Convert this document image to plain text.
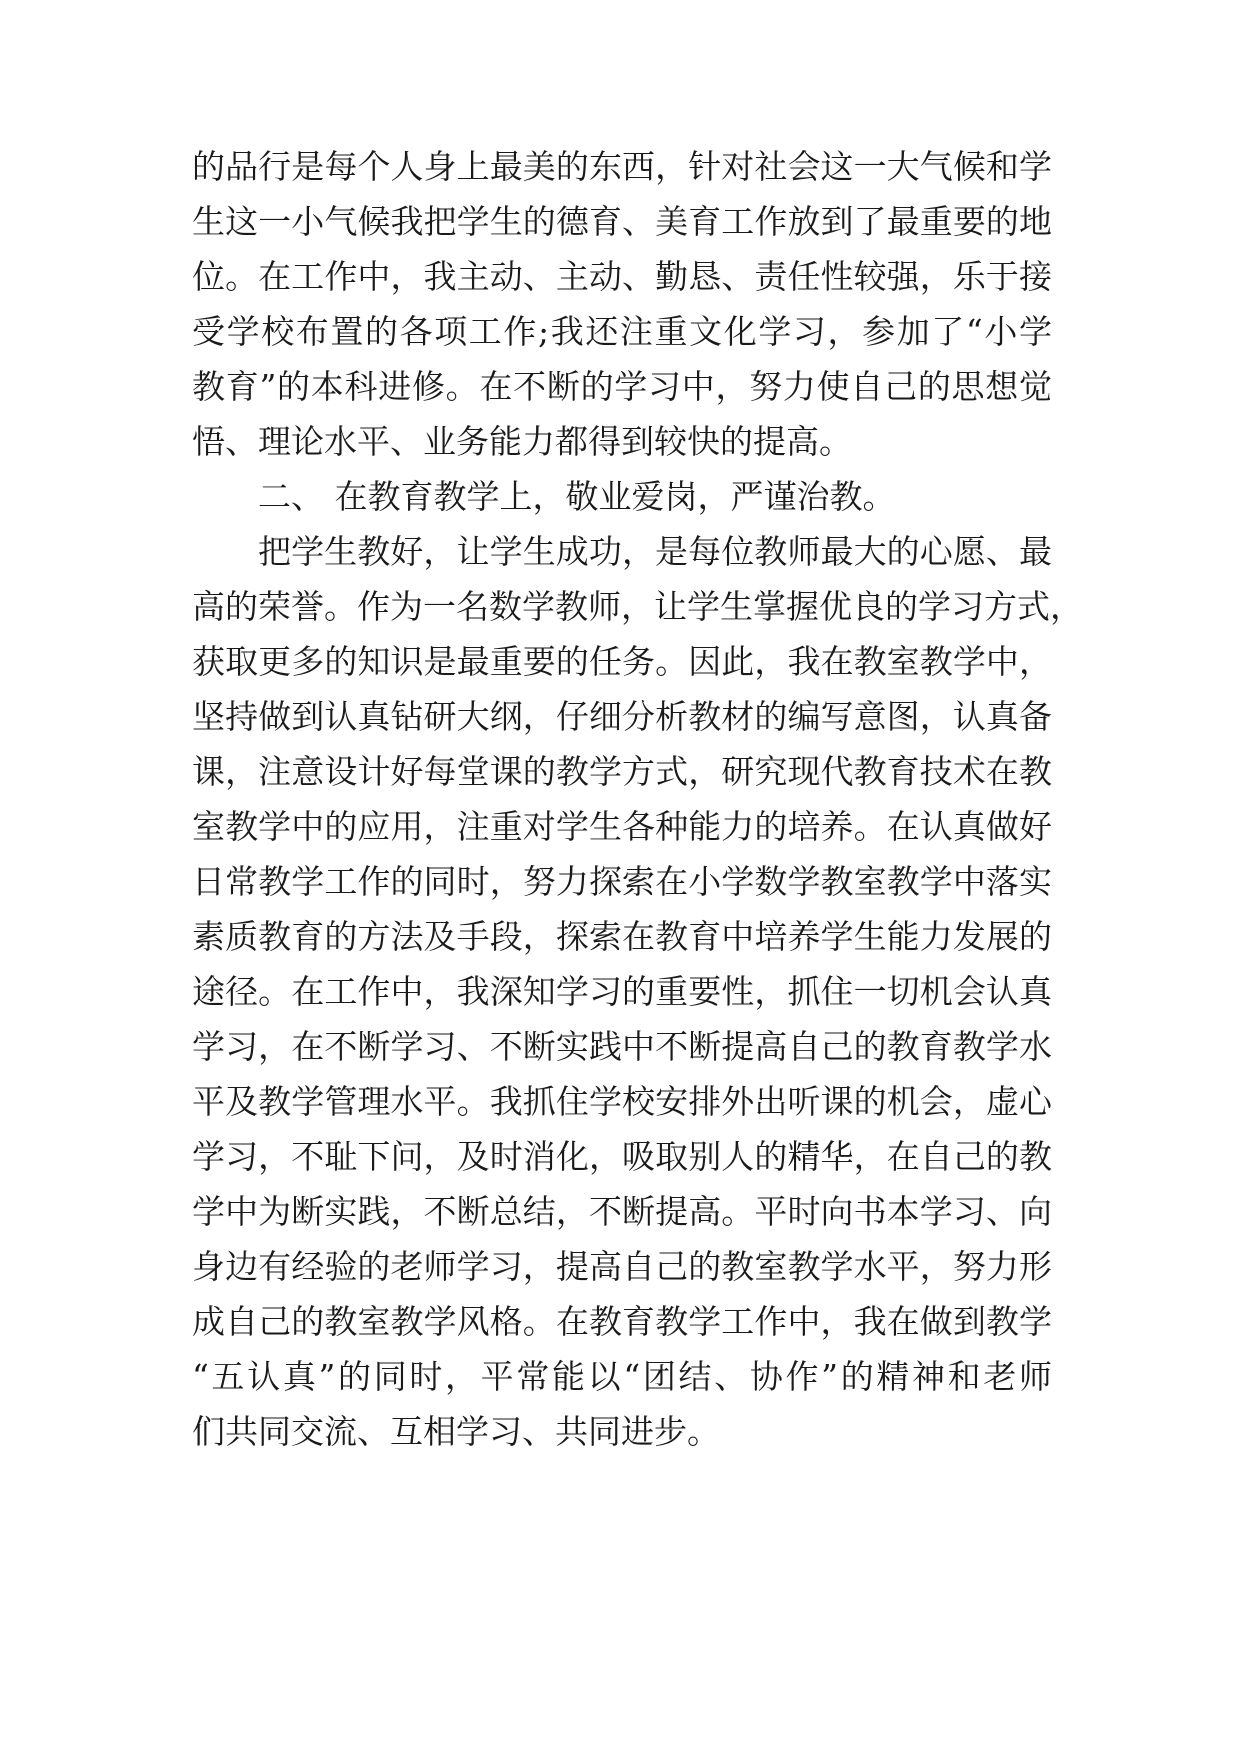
的品行是每个人身上最美的东西，针对社会这一大气候和学
生这一小气候我把学生的德育、美育工作放到了最重要的地
位。在工作中，我主动、主动、勤恳、责任性较强，乐于接
受学校布置的各项工作;我还注重文化学习，参加了“小学
教育”的本科进修。在不断的学习中，努力使自己的思想觉
悟、理论水平、业务能力都得到较快的提高。
二、 在教育教学上，敬业爱岗，严谨治教。
把学生教好，让学生成功，是每位教师最大的心愿、最
高的荣誉。作为一名数学教师，让学生掌握优良的学习方式，
获取更多的知识是最重要的任务。因此，我在教室教学中，
坚持做到认真钻研大纲，仔细分析教材的编写意图，认真备
课，注意设计好每堂课的教学方式，研究现代教育技术在教
室教学中的应用，注重对学生各种能力的培养。在认真做好
日常教学工作的同时，努力探索在小学数学教室教学中落实
素质教育的方法及手段，探索在教育中培养学生能力发展的
途径。在工作中，我深知学习的重要性，抓住一切机会认真
学习，在不断学习、不断实践中不断提高自己的教育教学水
平及教学管理水平。我抓住学校安排外出听课的机会，虚心
学习，不耻下问，及时消化，吸取别人的精华，在自己的教
学中为断实践，不断总结，不断提高。平时向书本学习、向
身边有经验的老师学习，提高自己的教室教学水平，努力形
成自己的教室教学风格。在教育教学工作中，我在做到教学
“五认真”的同时，平常能以“团结、协作”的精神和老师
们共同交流、互相学习、共同进步。
